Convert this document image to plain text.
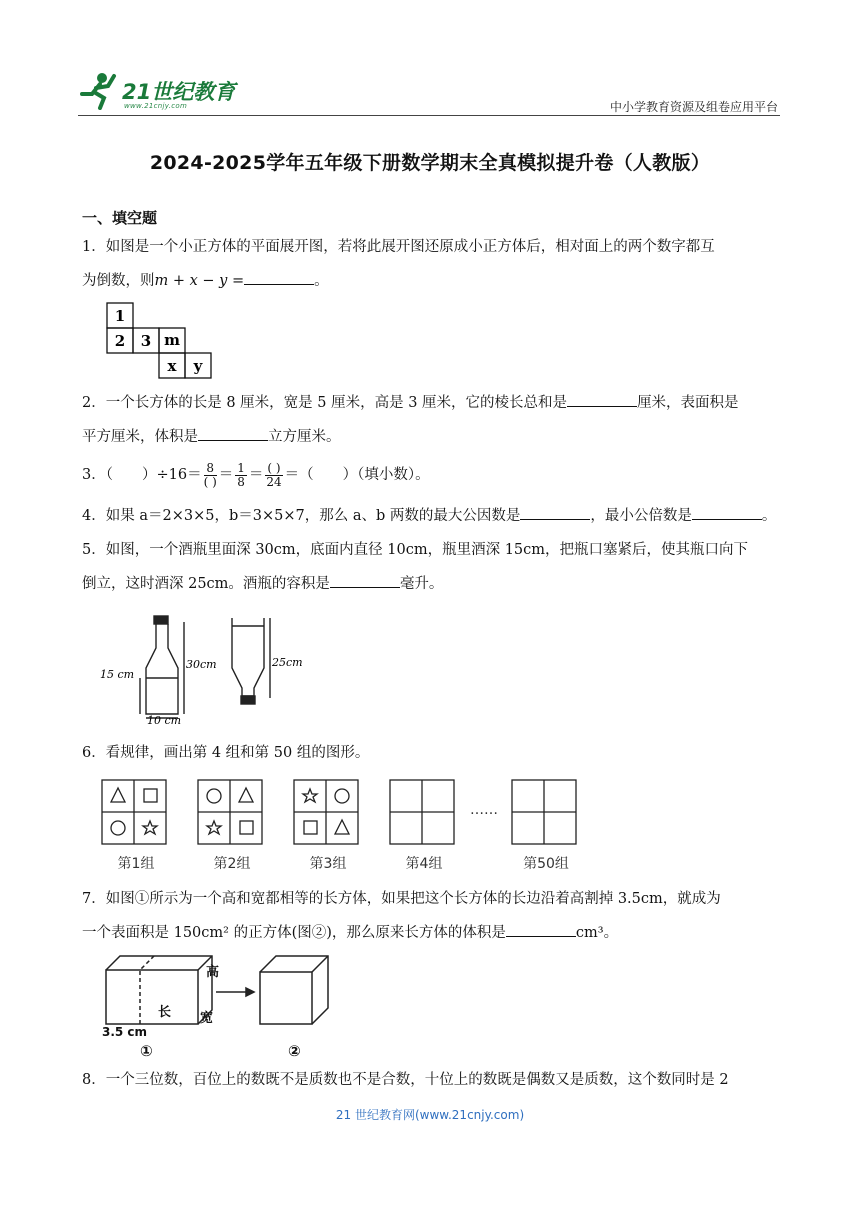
21世纪教育
www.21cnjy.com	中小学教育资源及组卷应用平台
2024-2025学年五年级下册数学期末全真模拟提升卷（人教版）
一、填空题
1．如图是一个小正方体的平面展开图，若将此展开图还原成小正方体后，相对面上的两个数字都互
为倒数，则m + x − y =	。
1
2 3 m
x y
2．一个长方体的长是 8 厘米，宽是 5 厘米，高是 3 厘米，它的棱长总和是	厘米，表面积是
平方厘米，体积是	立方厘米。
3．（　　）$\div 16= \frac{8}{( )} = \frac{1}{8} = \frac{( )}{24}$ ＝（　　）（填小数）。
4．如果 a＝2×3×5，b＝3×5×7，那么 a、b 两数的最大公因数是	，最小公倍数是	。
5．如图，一个酒瓶里面深 30cm，底面内直径 10cm，瓶里酒深 15cm，把瓶口塞紧后，使其瓶口向下
倒立，这时酒深 25cm。酒瓶的容积是	毫升。
15 cm
30cm
10 cm
25cm
6．看规律，画出第 4 组和第 50 组的图形。
第1组	第2组	第3组	第4组	第50组
……
7．如图①所示为一个高和宽都相等的长方体，如果把这个长方体的长边沿着高割掉 3.5cm，就成为
一个表面积是 150cm² 的正方体(图②)，那么原来长方体的体积是	cm³。
高
长 宽
3.5 cm
①	②
8．一个三位数，百位上的数既不是质数也不是合数，十位上的数既是偶数又是质数，这个数同时是 2
21 世纪教育网(www.21cnjy.com)
